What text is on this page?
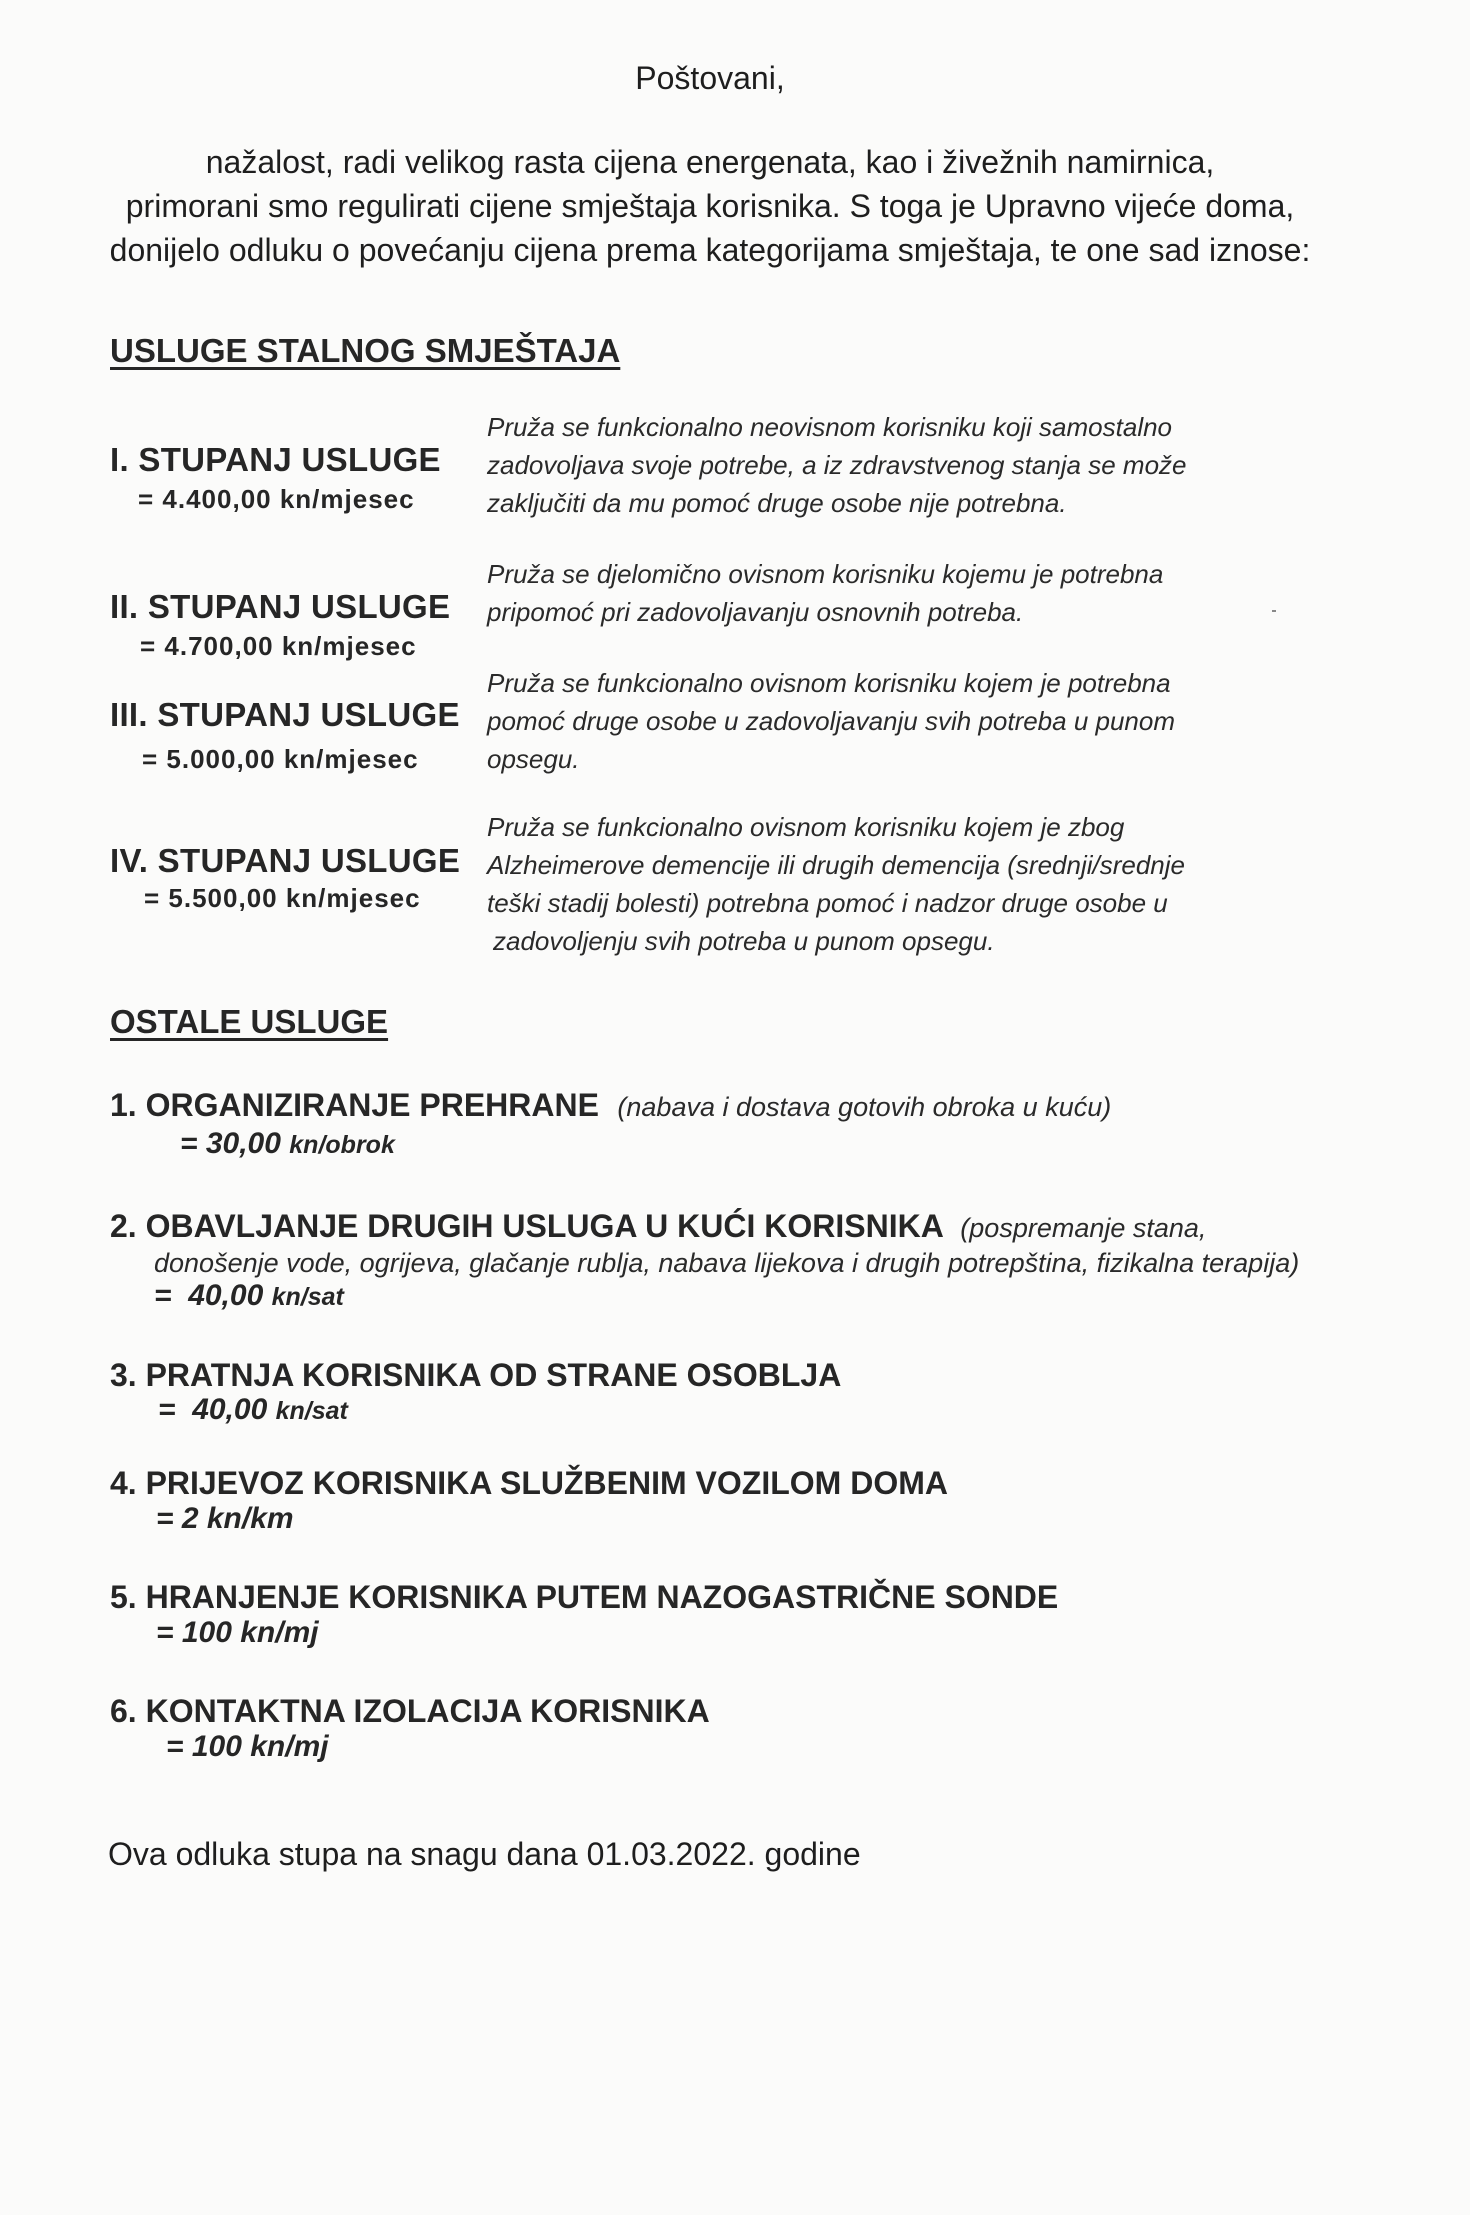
Poštovani,
nažalost, radi velikog rasta cijena energenata, kao i živežnih namirnica,
primorani smo regulirati cijene smještaja korisnika. S toga je Upravno vijeće doma,
donijelo odluku o povećanju cijena prema kategorijama smještaja, te one sad iznose:
USLUGE STALNOG SMJEŠTAJA
I. STUPANJ USLUGE
= 4.400,00 kn/mjesec
Pruža se funkcionalno neovisnom korisniku koji samostalno
zadovoljava svoje potrebe, a iz zdravstvenog stanja se može
zaključiti da mu pomoć druge osobe nije potrebna.
II. STUPANJ USLUGE
= 4.700,00 kn/mjesec
Pruža se djelomično ovisnom korisniku kojemu je potrebna
pripomoć pri zadovoljavanju osnovnih potreba.
III. STUPANJ USLUGE
= 5.000,00 kn/mjesec
Pruža se funkcionalno ovisnom korisniku kojem je potrebna
pomoć druge osobe u zadovoljavanju svih potreba u punom
opsegu.
IV. STUPANJ USLUGE
= 5.500,00 kn/mjesec
Pruža se funkcionalno ovisnom korisniku kojem je zbog
Alzheimerove demencije ili drugih demencija (srednji/srednje
teški stadij bolesti) potrebna pomoć i nadzor druge osobe u
zadovoljenju svih potreba u punom opsegu.
OSTALE USLUGE
1. ORGANIZIRANJE PREHRANE (nabava i dostava gotovih obroka u kuću)
= 30,00 kn/obrok
2. OBAVLJANJE DRUGIH USLUGA U KUĆI KORISNIKA (pospremanje stana,
donošenje vode, ogrijeva, glačanje rublja, nabava lijekova i drugih potrepština, fizikalna terapija)
=  40,00 kn/sat
3. PRATNJA KORISNIKA OD STRANE OSOBLJA
=  40,00 kn/sat
4. PRIJEVOZ KORISNIKA SLUŽBENIM VOZILOM DOMA
= 2 kn/km
5. HRANJENJE KORISNIKA PUTEM NAZOGASTRIČNE SONDE
= 100 kn/mj
6. KONTAKTNA IZOLACIJA KORISNIKA
= 100 kn/mj
Ova odluka stupa na snagu dana 01.03.2022. godine
